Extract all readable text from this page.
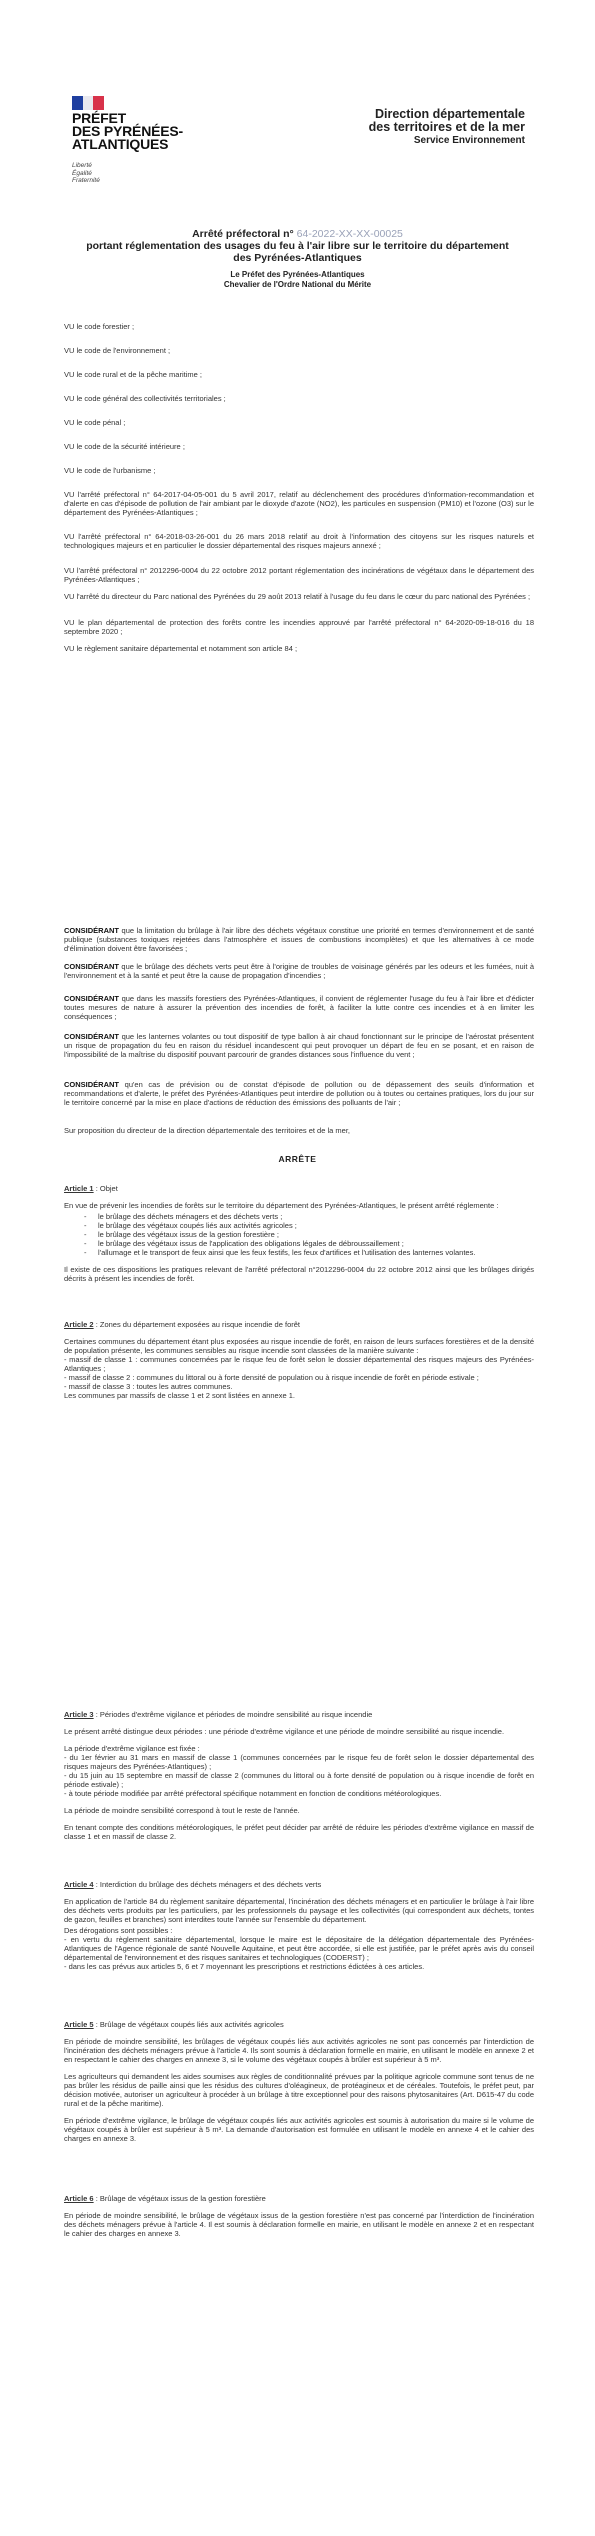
PRÉFET
DES PYRÉNÉES-
ATLANTIQUES
Liberté
Égalité
Fraternité
Direction départementale
des territoires et de la mer
Service Environnement
Arrêté préfectoral n° 64-2022-XX-XX-00025
portant réglementation des usages du feu à l'air libre sur le territoire du département
des Pyrénées-Atlantiques
Le Préfet des Pyrénées-Atlantiques
Chevalier de l'Ordre National du Mérite
VU le code forestier ;
VU le code de l'environnement ;
VU le code rural et de la pêche maritime ;
VU le code général des collectivités territoriales ;
VU le code pénal ;
VU le code de la sécurité intérieure ;
VU le code de l'urbanisme ;
VU l'arrêté préfectoral n° 64-2017-04-05-001 du 5 avril 2017, relatif au déclenchement des procédures d'information-recommandation et d'alerte en cas d'épisode de pollution de l'air ambiant par le dioxyde d'azote (NO2), les particules en suspension (PM10) et l'ozone (O3) sur le département des Pyrénées-Atlantiques ;
VU l'arrêté préfectoral n° 64-2018-03-26-001 du 26 mars 2018 relatif au droit à l'information des citoyens sur les risques naturels et technologiques majeurs et en particulier le dossier départemental des risques majeurs annexé ;
VU l'arrêté préfectoral n° 2012296-0004 du 22 octobre 2012 portant réglementation des incinérations de végétaux dans le département des Pyrénées-Atlantiques ;
VU l'arrêté du directeur du Parc national des Pyrénées du 29 août 2013 relatif à l'usage du feu dans le cœur du parc national des Pyrénées ;
VU le plan départemental de protection des forêts contre les incendies approuvé par l'arrêté préfectoral n° 64-2020-09-18-016 du 18 septembre 2020 ;
VU le règlement sanitaire départemental et notamment son article 84 ;
CONSIDÉRANT que la limitation du brûlage à l'air libre des déchets végétaux constitue une priorité en termes d'environnement et de santé publique (substances toxiques rejetées dans l'atmosphère et issues de combustions incomplètes) et que les alternatives à ce mode d'élimination doivent être favorisées ;
CONSIDÉRANT que le brûlage des déchets verts peut être à l'origine de troubles de voisinage générés par les odeurs et les fumées, nuit à l'environnement et à la santé et peut être la cause de propagation d'incendies ;
CONSIDÉRANT que dans les massifs forestiers des Pyrénées-Atlantiques, il convient de réglementer l'usage du feu à l'air libre et d'édicter toutes mesures de nature à assurer la prévention des incendies de forêt, à faciliter la lutte contre ces incendies et à en limiter les conséquences ;
CONSIDÉRANT que les lanternes volantes ou tout dispositif de type ballon à air chaud fonctionnant sur le principe de l'aérostat présentent un risque de propagation du feu en raison du résiduel incandescent qui peut provoquer un départ de feu en se posant, et en raison de l'impossibilité de la maîtrise du dispositif pouvant parcourir de grandes distances sous l'influence du vent ;
CONSIDÉRANT qu'en cas de prévision ou de constat d'épisode de pollution ou de dépassement des seuils d'information et recommandations et d'alerte, le préfet des Pyrénées-Atlantiques peut interdire de pollution ou à toutes ou certaines pratiques, lors du jour sur le territoire concerné par la mise en place d'actions de réduction des émissions des polluants de l'air ;
Sur proposition du directeur de la direction départementale des territoires et de la mer,
ARRÊTE
Article 1 : Objet
En vue de prévenir les incendies de forêts sur le territoire du département des Pyrénées-Atlantiques, le présent arrêté réglemente :
- le brûlage des déchets ménagers et des déchets verts ;
- le brûlage des végétaux coupés liés aux activités agricoles ;
- le brûlage des végétaux issus de la gestion forestière ;
- le brûlage des végétaux issus de l'application des obligations légales de débroussaillement ;
- l'allumage et le transport de feux ainsi que les feux festifs, les feux d'artifices et l'utilisation des lanternes volantes.
Il existe de ces dispositions les pratiques relevant de l'arrêté préfectoral n°2012296-0004 du 22 octobre 2012 ainsi que les brûlages dirigés décrits à présent les incendies de forêt.
Article 2 : Zones du département exposées au risque incendie de forêt
Certaines communes du département étant plus exposées au risque incendie de forêt, en raison de leurs surfaces forestières et de la densité de population présente, les communes sensibles au risque incendie sont classées de la manière suivante :
- massif de classe 1 : communes concernées par le risque feu de forêt selon le dossier départemental des risques majeurs des Pyrénées-Atlantiques ;
- massif de classe 2 : communes du littoral ou à forte densité de population ou à risque incendie de forêt en période estivale ;
- massif de classe 3 : toutes les autres communes.
Les communes par massifs de classe 1 et 2 sont listées en annexe 1.
Article 3 : Périodes d'extrême vigilance et périodes de moindre sensibilité au risque incendie
Le présent arrêté distingue deux périodes : une période d'extrême vigilance et une période de moindre sensibilité au risque incendie.
La période d'extrême vigilance est fixée :
- du 1er février au 31 mars en massif de classe 1 (communes concernées par le risque feu de forêt selon le dossier départemental des risques majeurs des Pyrénées-Atlantiques) ;
- du 15 juin au 15 septembre en massif de classe 2 (communes du littoral ou à forte densité de population ou à risque incendie de forêt en période estivale) ;
- à toute période modifiée par arrêté préfectoral spécifique notamment en fonction de conditions météorologiques.
La période de moindre sensibilité correspond à tout le reste de l'année.
En tenant compte des conditions météorologiques, le préfet peut décider par arrêté de réduire les périodes d'extrême vigilance en massif de classe 1 et en massif de classe 2.
Article 4 : Interdiction du brûlage des déchets ménagers et des déchets verts
En application de l'article 84 du règlement sanitaire départemental, l'incinération des déchets ménagers et en particulier le brûlage à l'air libre des déchets verts produits par les particuliers, par les professionnels du paysage et les collectivités (qui correspondent aux déchets, tontes de gazon, feuilles et branches) sont interdites toute l'année sur l'ensemble du département.
Des dérogations sont possibles :
- en vertu du règlement sanitaire départemental, lorsque le maire est le dépositaire de la délégation départementale des Pyrénées-Atlantiques de l'Agence régionale de santé Nouvelle Aquitaine, et peut être accordée, si elle est justifiée, par le préfet après avis du conseil départemental de l'environnement et des risques sanitaires et technologiques (CODERST) ;
- dans les cas prévus aux articles 5, 6 et 7 moyennant les prescriptions et restrictions édictées à ces articles.
Article 5 : Brûlage de végétaux coupés liés aux activités agricoles
En période de moindre sensibilité, les brûlages de végétaux coupés liés aux activités agricoles ne sont pas concernés par l'interdiction de l'incinération des déchets ménagers prévue à l'article 4. Ils sont soumis à déclaration formelle en mairie, en utilisant le modèle en annexe 2 et en respectant le cahier des charges en annexe 3, si le volume des végétaux coupés à brûler est supérieur à 5 m³.
Les agriculteurs qui demandent les aides soumises aux règles de conditionnalité prévues par la politique agricole commune sont tenus de ne pas brûler les résidus de paille ainsi que les résidus des cultures d'oléagineux, de protéagineux et de céréales. Toutefois, le préfet peut, par décision motivée, autoriser un agriculteur à procéder à un brûlage à titre exceptionnel pour des raisons phytosanitaires (Art. D615-47 du code rural et de la pêche maritime).
En période d'extrême vigilance, le brûlage de végétaux coupés liés aux activités agricoles est soumis à autorisation du maire si le volume de végétaux coupés à brûler est supérieur à 5 m³. La demande d'autorisation est formulée en utilisant le modèle en annexe 4 et le cahier des charges en annexe 3.
Article 6 : Brûlage de végétaux issus de la gestion forestière
En période de moindre sensibilité, le brûlage de végétaux issus de la gestion forestière n'est pas concerné par l'interdiction de l'incinération des déchets ménagers prévue à l'article 4. Il est soumis à déclaration formelle en mairie, en utilisant le modèle en annexe 2 et en respectant le cahier des charges en annexe 3.
